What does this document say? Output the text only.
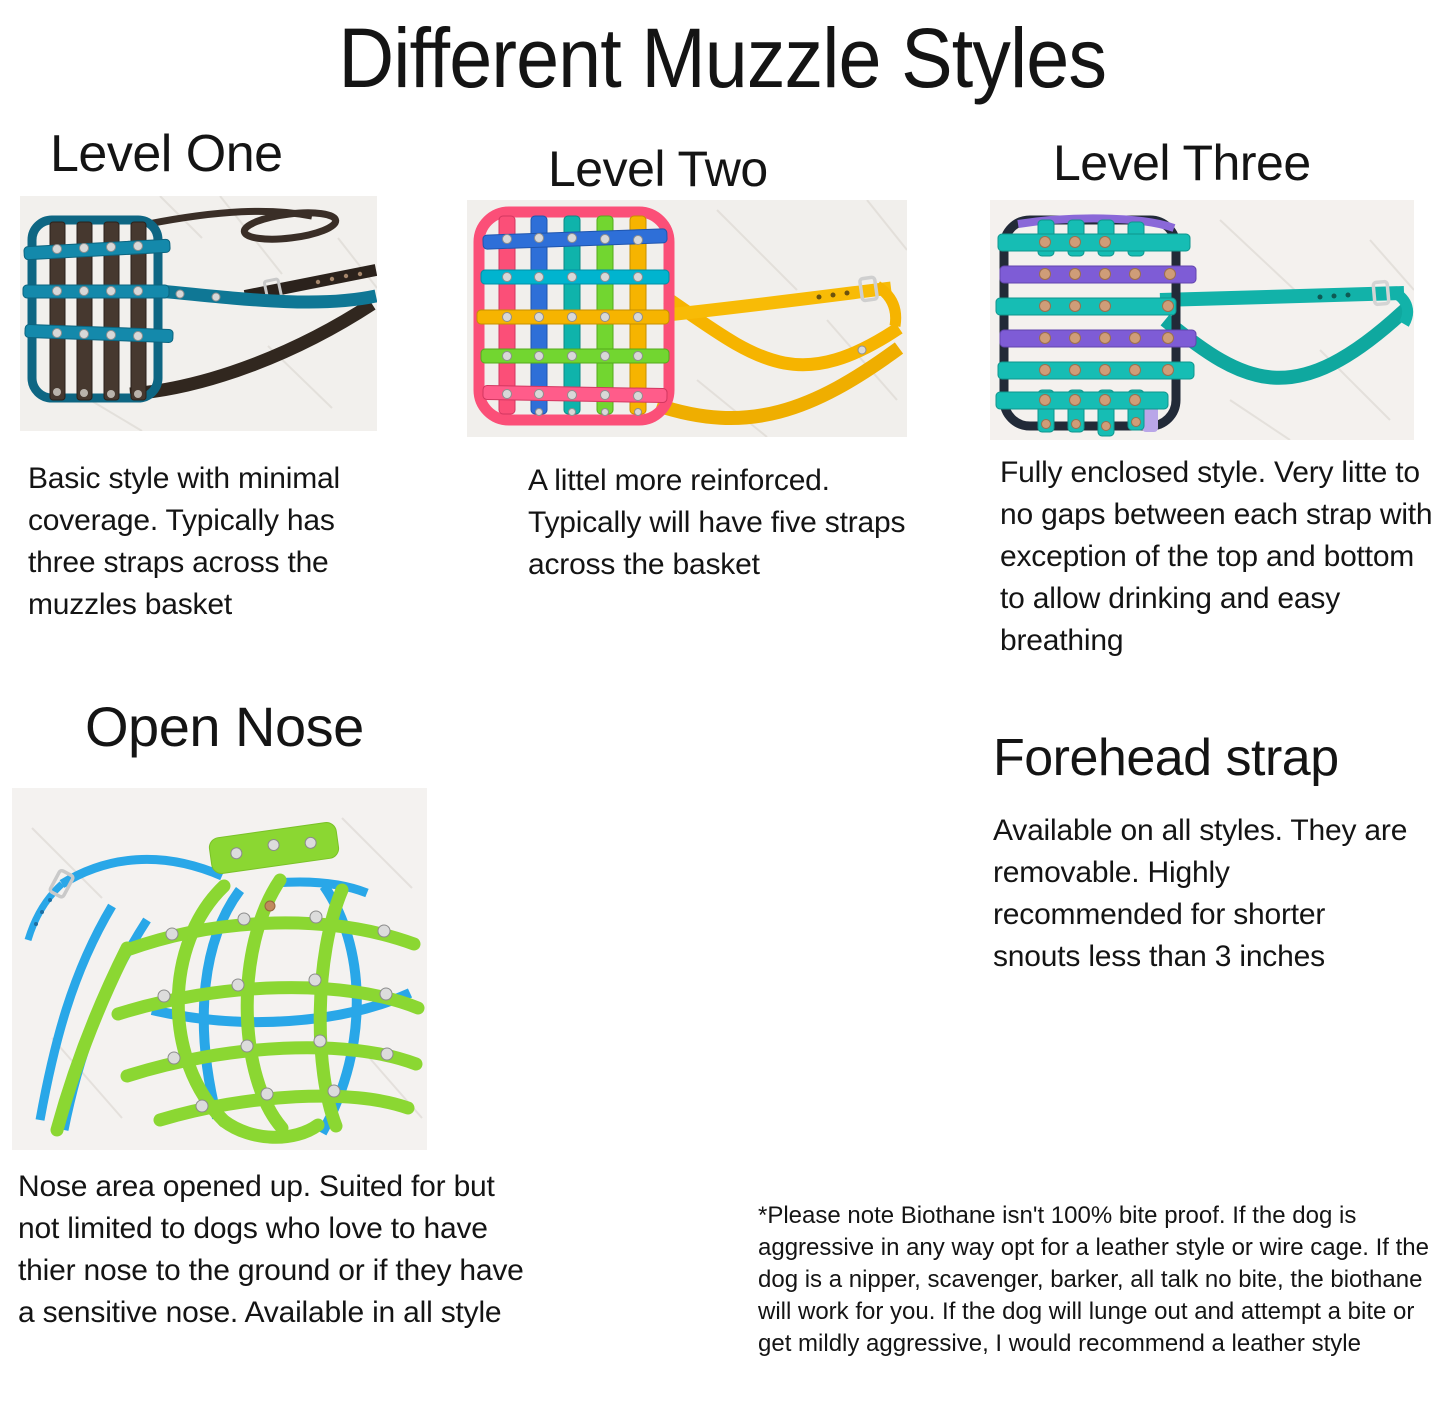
Different Muzzle Styles
Level One	Level Two	Level Three
Open Nose	Forehead strap

Basic style with minimal coverage. Typically has three straps across the muzzles basket

A littel more reinforced. Typically will have five straps across the basket

Fully enclosed style. Very litte to no gaps between each strap with exception of the top and bottom to allow drinking and easy breathing

Nose area opened up. Suited for but not limited to dogs who love to have thier nose to the ground or if they have a sensitive nose. Available in all style

Available on all styles. They are removable. Highly recommended for shorter snouts less than 3 inches

*Please note Biothane isn't 100% bite proof. If the dog is aggressive in any way opt for a leather style or wire cage. If the dog is a nipper, scavenger, barker, all talk no bite, the biothane will work for you. If the dog will lunge out and attempt a bite or get mildly aggressive, I would recommend a leather style
